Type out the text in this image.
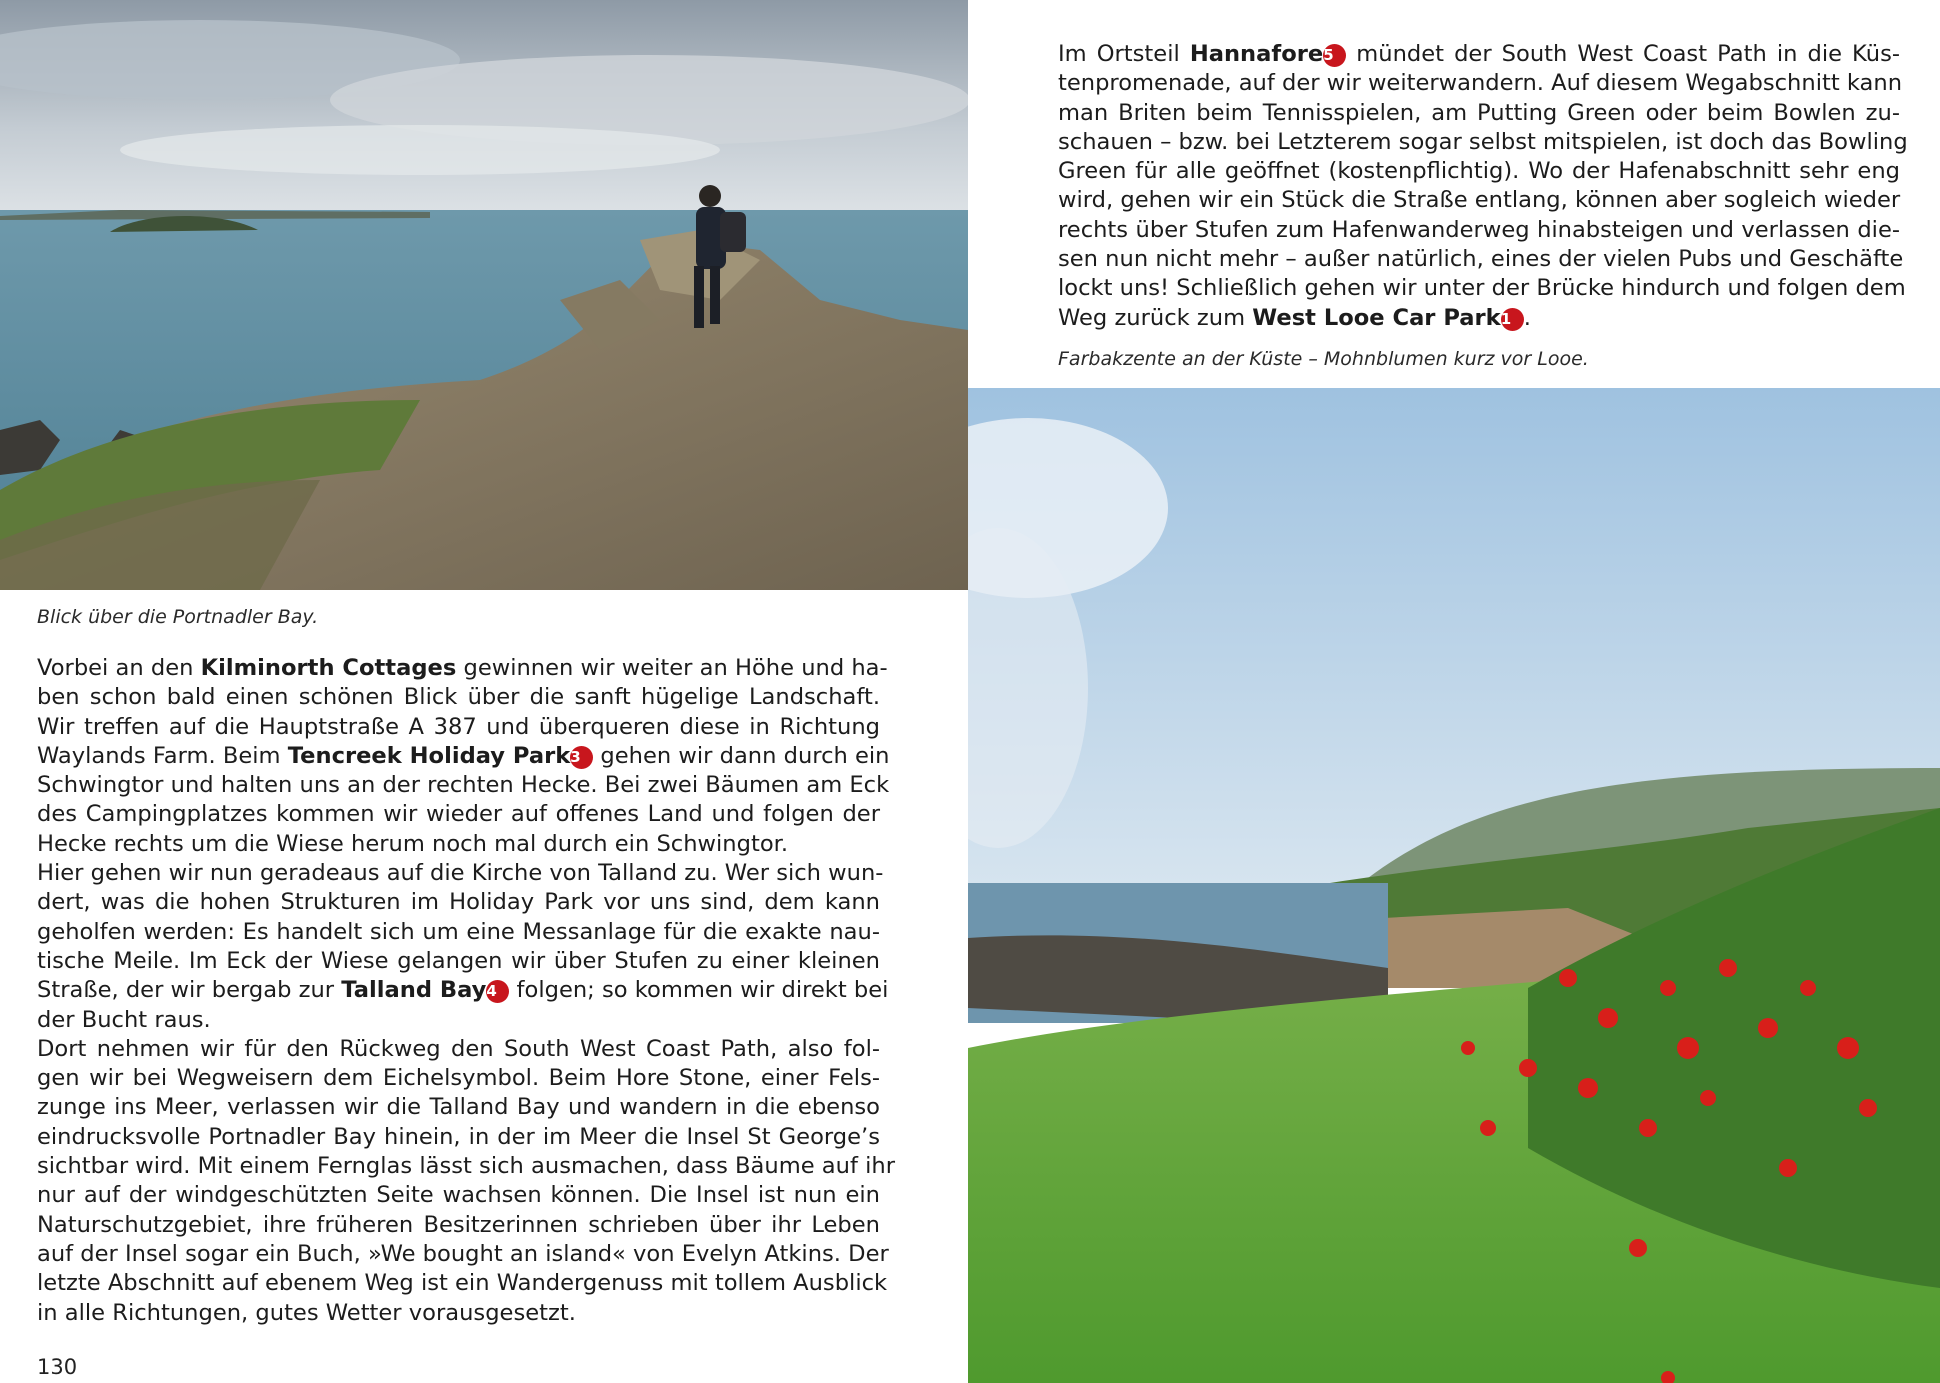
Blick über die Portnadler Bay.
Vorbei an den Kilminorth Cottages gewinnen wir weiter an Höhe und ha-
ben schon bald einen schönen Blick über die sanft hügelige Landschaft.
Wir treffen auf die Hauptstraße A 387 und überqueren diese in Richtung
Waylands Farm. Beim Tencreek Holiday Park3 gehen wir dann durch ein
Schwingtor und halten uns an der rechten Hecke. Bei zwei Bäumen am Eck
des Campingplatzes kommen wir wieder auf offenes Land und folgen der
Hecke rechts um die Wiese herum noch mal durch ein Schwingtor.
Hier gehen wir nun geradeaus auf die Kirche von Talland zu. Wer sich wun-
dert, was die hohen Strukturen im Holiday Park vor uns sind, dem kann
geholfen werden: Es handelt sich um eine Messanlage für die exakte nau-
tische Meile. Im Eck der Wiese gelangen wir über Stufen zu einer kleinen
Straße, der wir bergab zur Talland Bay4 folgen; so kommen wir direkt bei
der Bucht raus.
Dort nehmen wir für den Rückweg den South West Coast Path, also fol-
gen wir bei Wegweisern dem Eichelsymbol. Beim Hore Stone, einer Fels-
zunge ins Meer, verlassen wir die Talland Bay und wandern in die ebenso
eindrucksvolle Portnadler Bay hinein, in der im Meer die Insel St George’s
sichtbar wird. Mit einem Fernglas lässt sich ausmachen, dass Bäume auf ihr
nur auf der windgeschützten Seite wachsen können. Die Insel ist nun ein
Naturschutzgebiet, ihre früheren Besitzerinnen schrieben über ihr Leben
auf der Insel sogar ein Buch, »We bought an island« von Evelyn Atkins. Der
letzte Abschnitt auf ebenem Weg ist ein Wandergenuss mit tollem Ausblick
in alle Richtungen, gutes Wetter vorausgesetzt.
130
Im Ortsteil Hannafore5 mündet der South West Coast Path in die Küs-
tenpromenade, auf der wir weiterwandern. Auf diesem Wegabschnitt kann
man Briten beim Tennisspielen, am Putting Green oder beim Bowlen zu-
schauen – bzw. bei Letzterem sogar selbst mitspielen, ist doch das Bowling
Green für alle geöffnet (kostenpflichtig). Wo der Hafenabschnitt sehr eng
wird, gehen wir ein Stück die Straße entlang, können aber sogleich wieder
rechts über Stufen zum Hafenwanderweg hinabsteigen und verlassen die-
sen nun nicht mehr – außer natürlich, eines der vielen Pubs und Geschäfte
lockt uns! Schließlich gehen wir unter der Brücke hindurch und folgen dem
Weg zurück zum West Looe Car Park1 .
Farbakzente an der Küste – Mohnblumen kurz vor Looe.
